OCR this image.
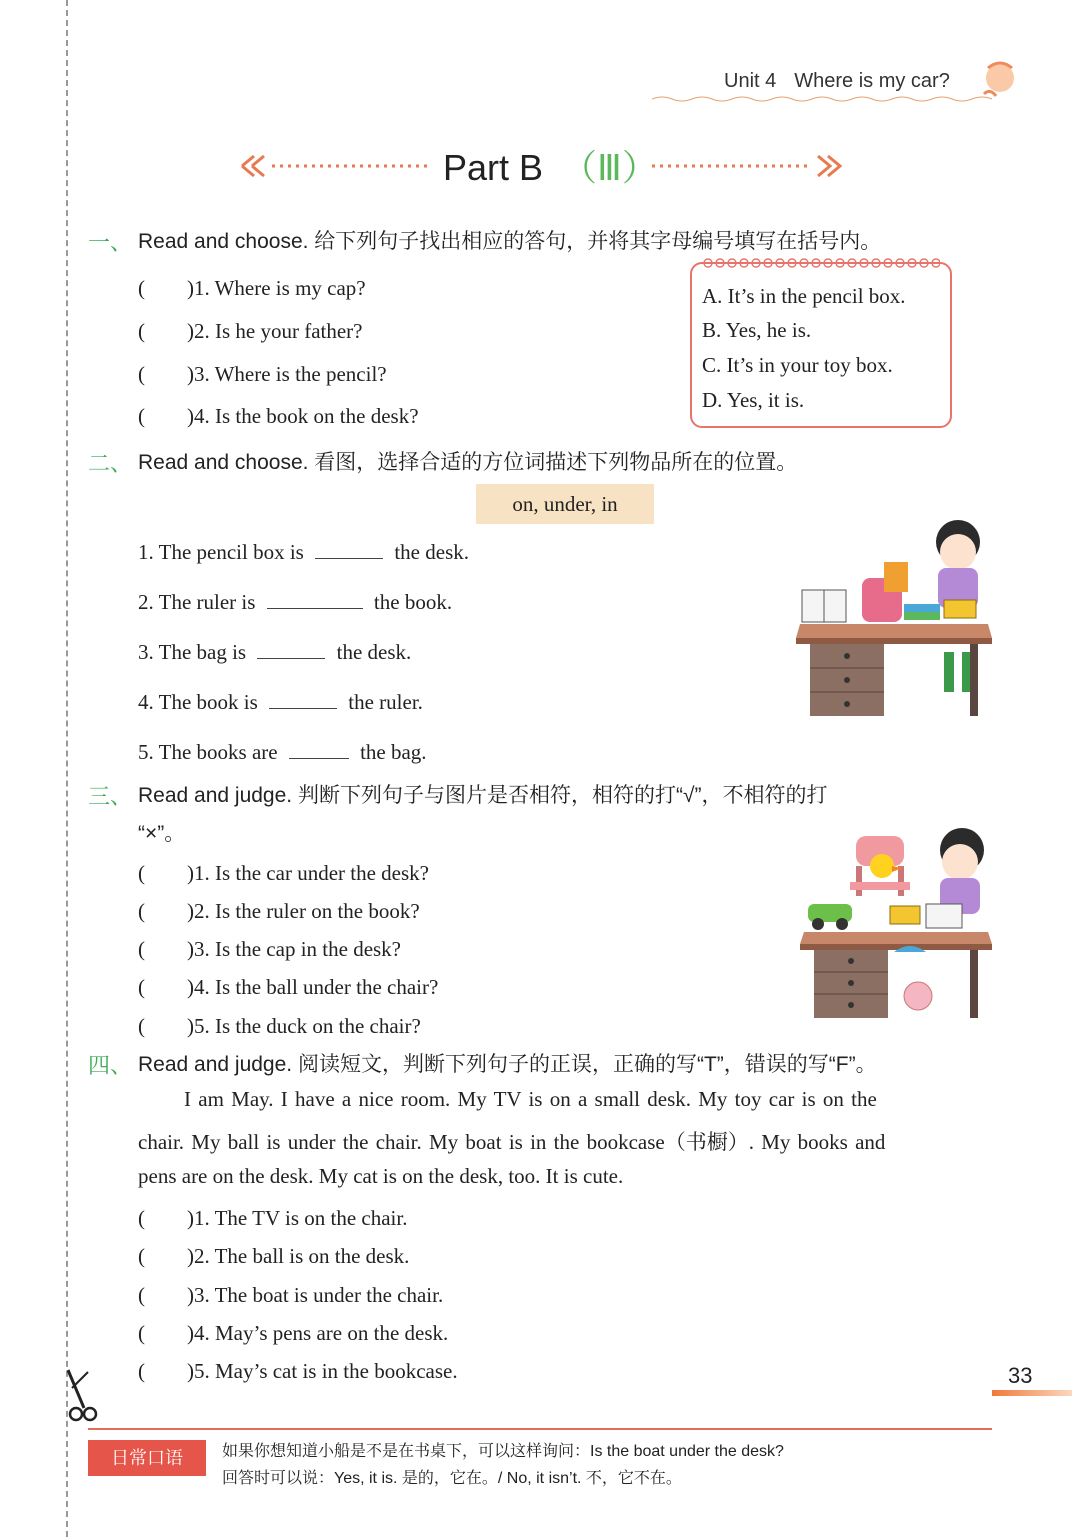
Unit 4 Where is my car?
Part B （Ⅲ）
一、 Read and choose. 给下列句子找出相应的答句，并将其字母编号填写在括号内。
(　　)1. Where is my cap?
(　　)2. Is he your father?
(　　)3. Where is the pencil?
(　　)4. Is the book on the desk?
A. It’s in the pencil box.
B. Yes, he is.
C. It’s in your toy box.
D. Yes, it is.
二、 Read and choose. 看图，选择合适的方位词描述下列物品所在的位置。
on, under, in
1. The pencil box is	the desk.
2. The ruler is	the book.
3. The bag is	the desk.
4. The book is	the ruler.
5. The books are	the bag.
三、 Read and judge. 判断下列句子与图片是否相符，相符的打“√”，不相符的打
“×”。
(　　)1. Is the car under the desk?
(　　)2. Is the ruler on the book?
(　　)3. Is the cap in the desk?
(　　)4. Is the ball under the chair?
(　　)5. Is the duck on the chair?
四、 Read and judge. 阅读短文，判断下列句子的正误，正确的写“T”，错误的写“F”。
I am May. I have a nice room. My TV is on a small desk. My toy car is on the
chair. My ball is under the chair. My boat is in the bookcase（书橱）. My books and
pens are on the desk. My cat is on the desk, too. It is cute.
(　　)1. The TV is on the chair.
(　　)2. The ball is on the desk.
(　　)3. The boat is under the chair.
(　　)4. May’s pens are on the desk.
(　　)5. May’s cat is in the bookcase.	33
日常口语	如果你想知道小船是不是在书桌下，可以这样询问：Is the boat under the desk?
回答时可以说：Yes, it is. 是的，它在。/ No, it isn’t. 不，它不在。
